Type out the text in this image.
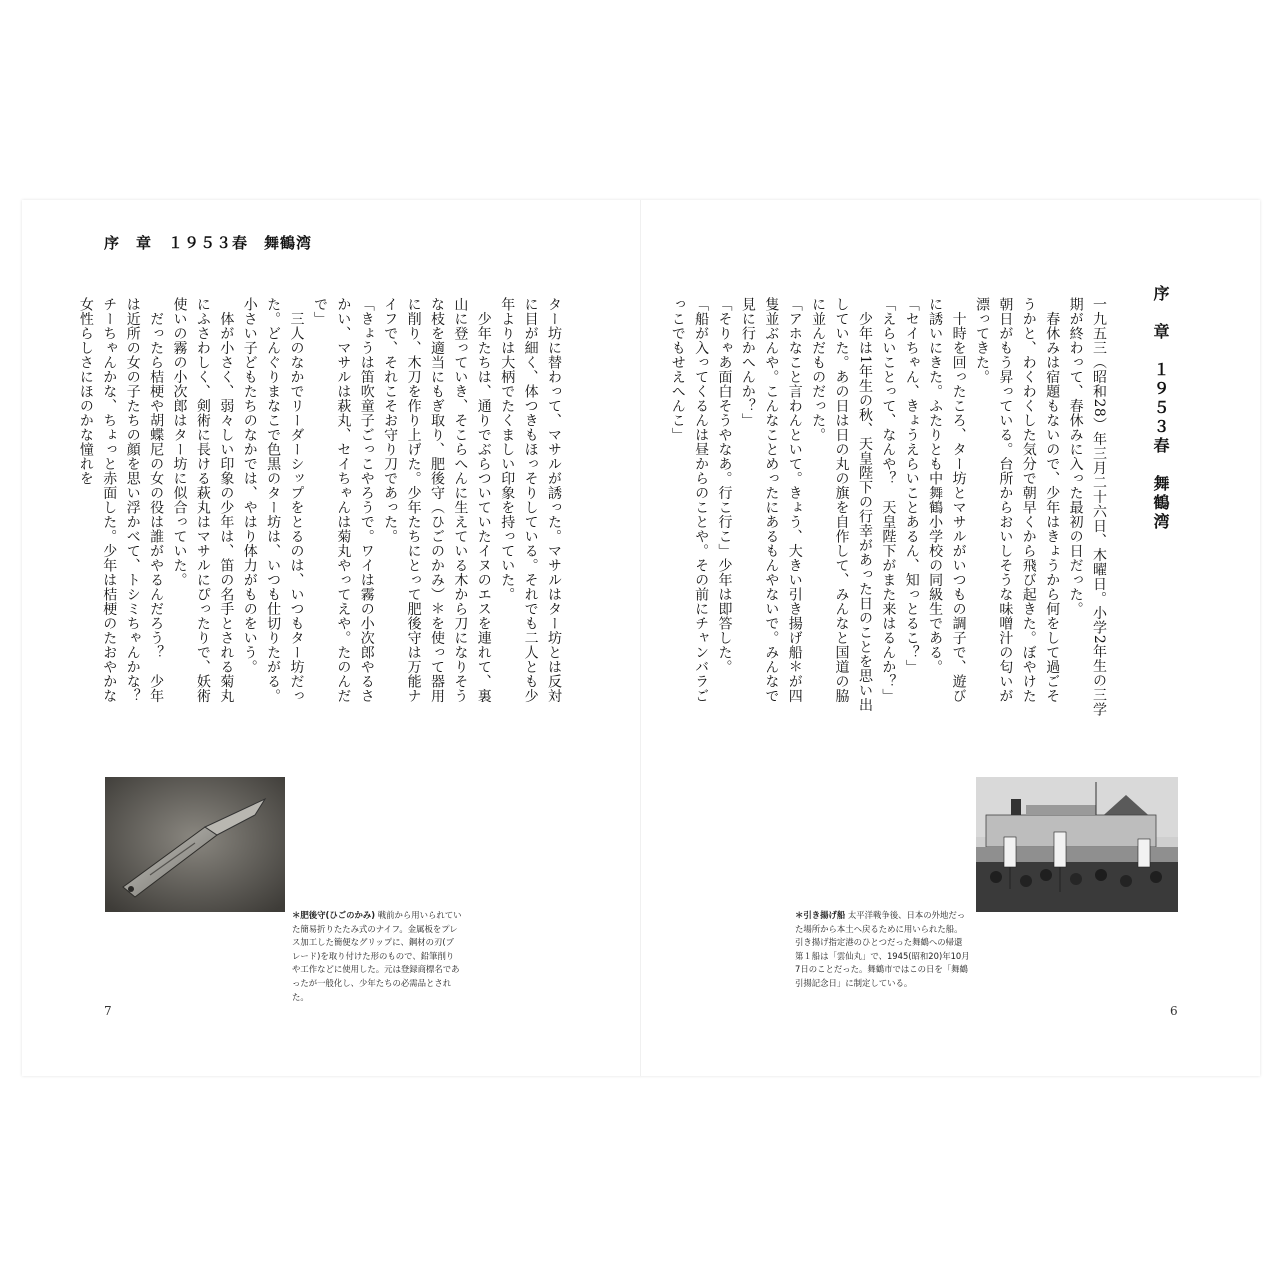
序　章　１９５３春　舞鶴湾
ター坊に替わって、マサルが誘った。マサルはター坊とは反対に目が細く、体つきもほっそりしている。それでも二人とも少年よりは大柄でたくましい印象を持っていた。
　少年たちは、通りでぶらついていたイヌのエスを連れて、裏山に登っていき、そこらへんに生えている木から刀になりそうな枝を適当にもぎ取り、肥後守（ひごのかみ）＊を使って器用に削り、木刀を作り上げた。少年たちにとって肥後守は万能ナイフで、それこそお守り刀であった。
「きょうは笛吹童子ごっこやろうで。ワイは霧の小次郎やるさかい、マサルは萩丸、セイちゃんは菊丸やってえや。たのんだで」
　三人のなかでリーダーシップをとるのは、いつもター坊だった。どんぐりまなこで色黒のター坊は、いつも仕切りたがる。小さい子どもたちのなかでは、やはり体力がものをいう。
　体が小さく、弱々しい印象の少年は、笛の名手とされる菊丸にふさわしく、剣術に長ける萩丸はマサルにぴったりで、妖術使いの霧の小次郎はター坊に似合っていた。
　だったら桔梗や胡蝶尼の女の役は誰がやるんだろう？　少年は近所の女の子たちの顔を思い浮かべて、トシミちゃんかな？　チーちゃんかな、ちょっと赤面した。少年は桔梗のたおやかな女性らしさにほのかな憧れを
＊肥後守(ひごのかみ) 戦前から用いられていた簡易折りたたみ式のナイフ。金属板をプレス加工した簡便なグリップに、鋼材の刃(ブレード)を取り付けた形のもので、鉛筆削りや工作などに使用した。元は登録商標名であったが一般化し、少年たちの必需品とされた。
7
序　章　１９５３春　舞鶴湾
一九五三（昭和28）年三月二十六日、木曜日。小学2年生の三学期が終わって、春休みに入った最初の日だった。
　春休みは宿題もないので、少年はきょうから何をして過ごそうかと、わくわくした気分で朝早くから飛び起きた。ぼやけた朝日がもう昇っている。台所からおいしそうな味噌汁の匂いが漂ってきた。
　十時を回ったころ、ター坊とマサルがいつもの調子で、遊びに誘いにきた。ふたりとも中舞鶴小学校の同級生である。
「セイちゃん、きょうえらいことあるん、知っとるこ？」
「えらいことって、なんや？　天皇陛下がまた来はるんか？」
　少年は1年生の秋、天皇陛下の行幸があった日のことを思い出していた。あの日は日の丸の旗を自作して、みんなと国道の脇に並んだものだった。
「アホなこと言わんといて。きょう、大きい引き揚げ船＊が四隻並ぶんや。こんなことめったにあるもんやないで。みんなで見に行かへんか？」
「そりゃあ面白そうやなあ。行こ行こ」少年は即答した。
「船が入ってくるんは昼からのことや。その前にチャンバラごっこでもせえへんこ」
＊引き揚げ船 太平洋戦争後、日本の外地だった場所から本土へ戻るために用いられた船。引き揚げ指定港のひとつだった舞鶴への帰還第１船は「雲仙丸」で、1945(昭和20)年10月7日のことだった。舞鶴市ではこの日を「舞鶴引揚記念日」に制定している。
6
